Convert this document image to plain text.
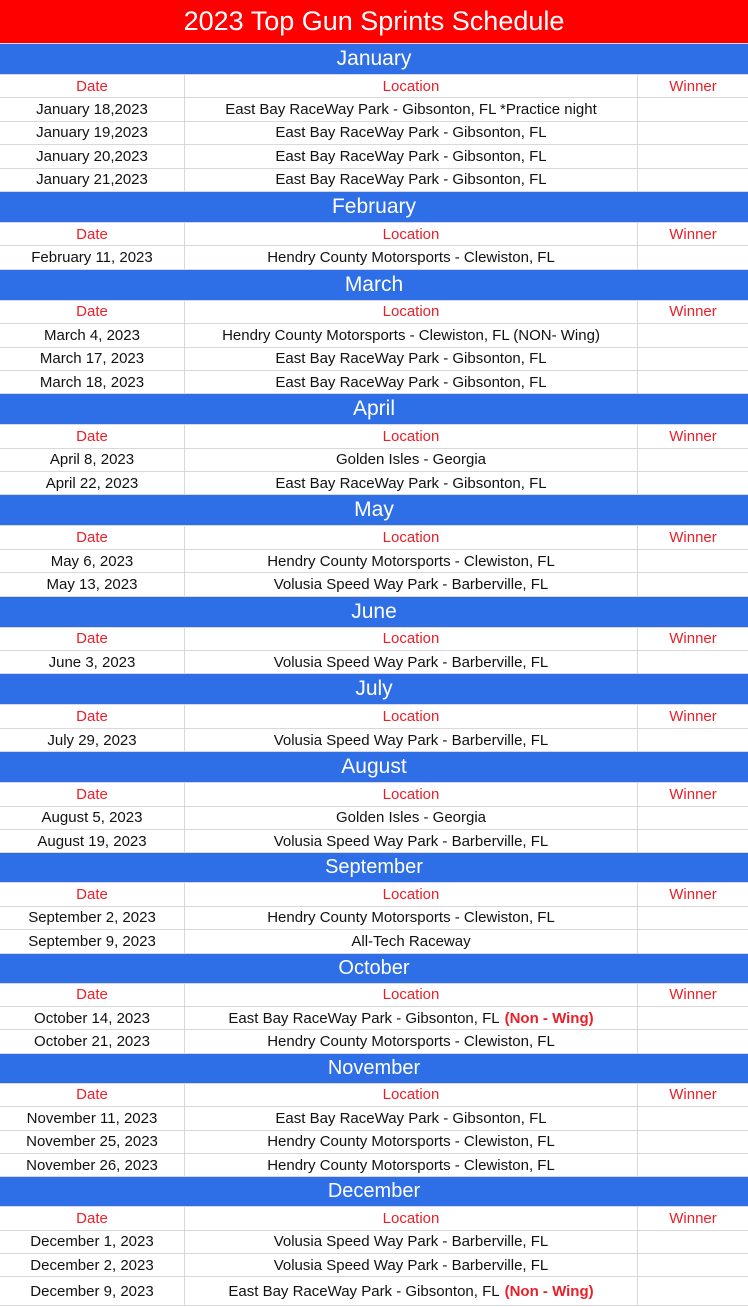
2023 Top Gun Sprints Schedule
January
Date	Location	Winner
January 18,2023	East Bay RaceWay Park - Gibsonton, FL *Practice night
January 19,2023	East Bay RaceWay Park - Gibsonton, FL
January 20,2023	East Bay RaceWay Park - Gibsonton, FL
January 21,2023	East Bay RaceWay Park - Gibsonton, FL
February
Date	Location	Winner
February 11, 2023	Hendry County Motorsports - Clewiston, FL
March
Date	Location	Winner
March 4, 2023	Hendry County Motorsports - Clewiston, FL (NON- Wing)
March 17, 2023	East Bay RaceWay Park - Gibsonton, FL
March 18, 2023	East Bay RaceWay Park - Gibsonton, FL
April
Date	Location	Winner
April 8, 2023	Golden Isles - Georgia
April 22, 2023	East Bay RaceWay Park - Gibsonton, FL
May
Date	Location	Winner
May 6, 2023	Hendry County Motorsports - Clewiston, FL
May 13, 2023	Volusia Speed Way Park - Barberville, FL
June
Date	Location	Winner
June 3, 2023	Volusia Speed Way Park - Barberville, FL
July
Date	Location	Winner
July 29, 2023	Volusia Speed Way Park - Barberville, FL
August
Date	Location	Winner
August 5, 2023	Golden Isles - Georgia
August 19, 2023	Volusia Speed Way Park - Barberville, FL
September
Date	Location	Winner
September 2, 2023	Hendry County Motorsports - Clewiston, FL
September 9, 2023	All-Tech Raceway
October
Date	Location	Winner
October 14, 2023	East Bay RaceWay Park - Gibsonton, FL (Non - Wing)
October 21, 2023	Hendry County Motorsports - Clewiston, FL
November
Date	Location	Winner
November 11, 2023	East Bay RaceWay Park - Gibsonton, FL
November 25, 2023	Hendry County Motorsports - Clewiston, FL
November 26, 2023	Hendry County Motorsports - Clewiston, FL
December
Date	Location	Winner
December 1, 2023	Volusia Speed Way Park - Barberville, FL
December 2, 2023	Volusia Speed Way Park - Barberville, FL
December 9, 2023	East Bay RaceWay Park - Gibsonton, FL (Non - Wing)
